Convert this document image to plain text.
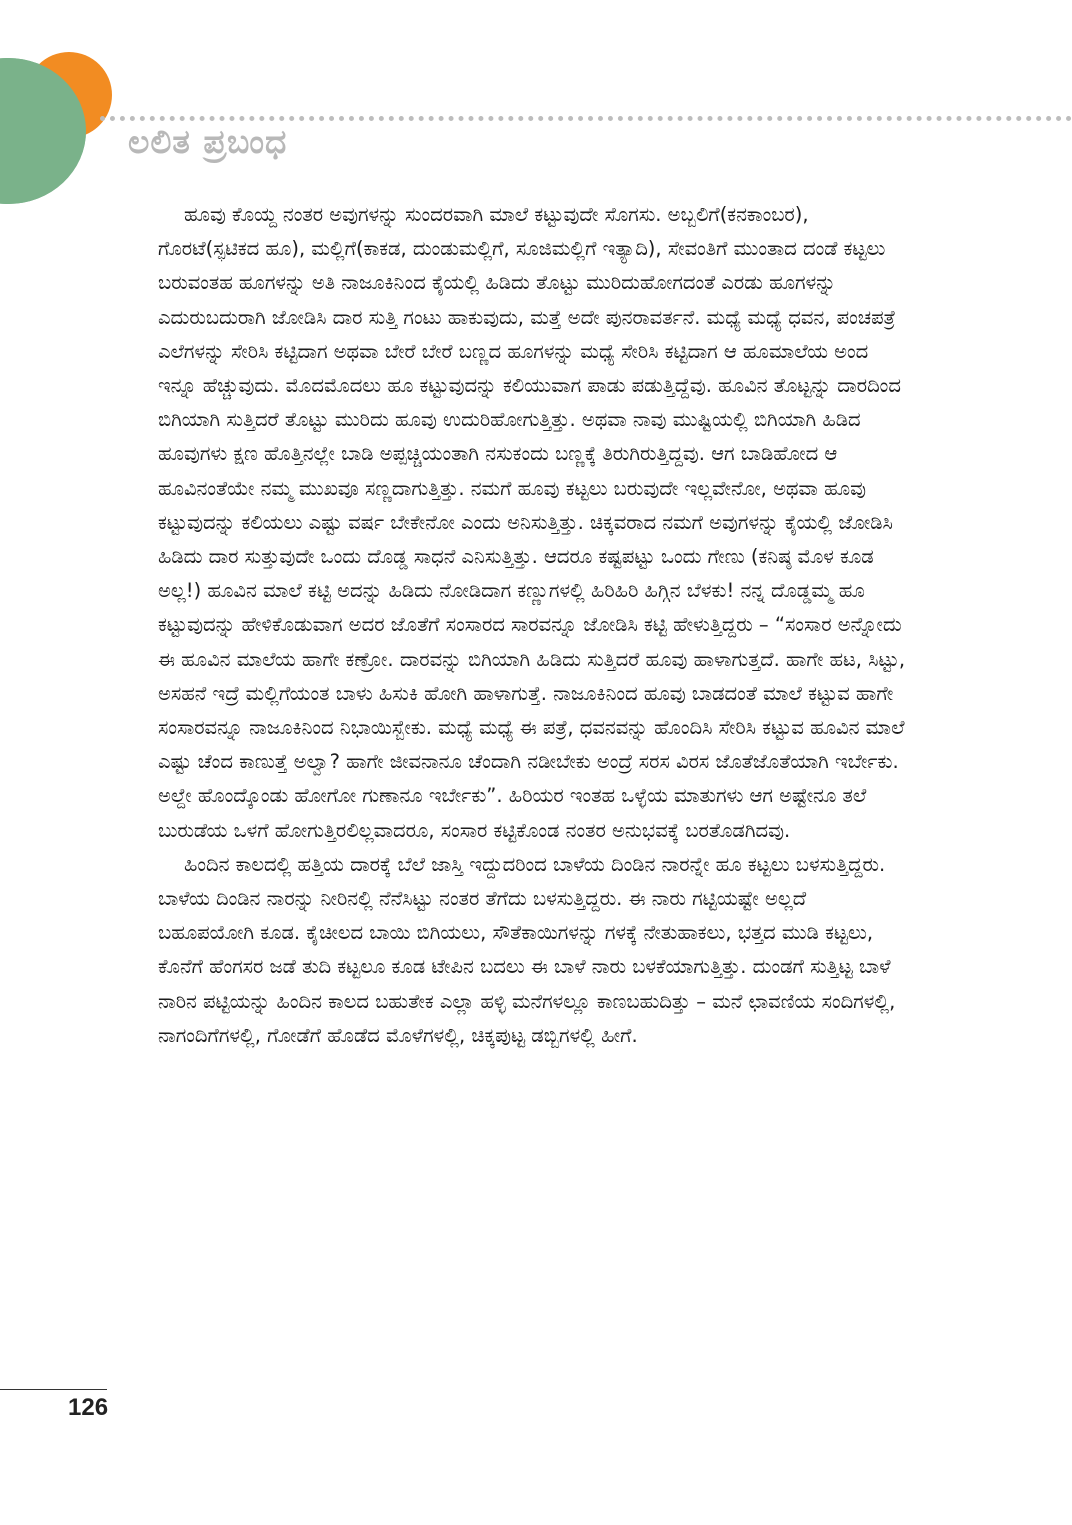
ಲಲಿತ ಪ್ರಬಂಧ

ಹೂವು ಕೊಯ್ದ ನಂತರ ಅವುಗಳನ್ನು ಸುಂದರವಾಗಿ ಮಾಲೆ ಕಟ್ಟುವುದೇ ಸೊಗಸು. ಅಬ್ಬಲಿಗೆ(ಕನಕಾಂಬರ), ಗೊರಟೆ(ಸ್ಫಟಿಕದ ಹೂ), ಮಲ್ಲಿಗೆ(ಕಾಕಡ, ದುಂಡುಮಲ್ಲಿಗೆ, ಸೂಜಿಮಲ್ಲಿಗೆ ಇತ್ಯಾದಿ), ಸೇವಂತಿಗೆ ಮುಂತಾದ ದಂಡೆ ಕಟ್ಟಲು ಬರುವಂತಹ ಹೂಗಳನ್ನು ಅತಿ ನಾಜೂಕಿನಿಂದ ಕೈಯಲ್ಲಿ ಹಿಡಿದು ತೊಟ್ಟು ಮುರಿದುಹೋಗದಂತೆ ಎರಡು ಹೂಗಳನ್ನು ಎದುರುಬದುರಾಗಿ ಜೋಡಿಸಿ ದಾರ ಸುತ್ತಿ ಗಂಟು ಹಾಕುವುದು, ಮತ್ತೆ ಅದೇ ಪುನರಾವರ್ತನೆ. ಮಧ್ಯೆ ಮಧ್ಯೆ ಧವನ, ಪಂಚಪತ್ರೆ ಎಲೆಗಳನ್ನು ಸೇರಿಸಿ ಕಟ್ಟಿದಾಗ ಅಥವಾ ಬೇರೆ ಬೇರೆ ಬಣ್ಣದ ಹೂಗಳನ್ನು ಮಧ್ಯೆ ಸೇರಿಸಿ ಕಟ್ಟಿದಾಗ ಆ ಹೂಮಾಲೆಯ ಅಂದ ಇನ್ನೂ ಹೆಚ್ಚುವುದು. ಮೊದಮೊದಲು ಹೂ ಕಟ್ಟುವುದನ್ನು ಕಲಿಯುವಾಗ ಪಾಡು ಪಡುತ್ತಿದ್ದೆವು. ಹೂವಿನ ತೊಟ್ಟನ್ನು ದಾರದಿಂದ ಬಿಗಿಯಾಗಿ ಸುತ್ತಿದರೆ ತೊಟ್ಟು ಮುರಿದು ಹೂವು ಉದುರಿಹೋಗುತ್ತಿತ್ತು. ಅಥವಾ ನಾವು ಮುಷ್ಟಿಯಲ್ಲಿ ಬಿಗಿಯಾಗಿ ಹಿಡಿದ ಹೂವುಗಳು ಕ್ಷಣ ಹೊತ್ತಿನಲ್ಲೇ ಬಾಡಿ ಅಪ್ಪಚ್ಚಿಯಂತಾಗಿ ನಸುಕಂದು ಬಣ್ಣಕ್ಕೆ ತಿರುಗಿರುತ್ತಿದ್ದವು. ಆಗ ಬಾಡಿಹೋದ ಆ ಹೂವಿನಂತೆಯೇ ನಮ್ಮ ಮುಖವೂ ಸಣ್ಣದಾಗುತ್ತಿತ್ತು. ನಮಗೆ ಹೂವು ಕಟ್ಟಲು ಬರುವುದೇ ಇಲ್ಲವೇನೋ, ಅಥವಾ ಹೂವು ಕಟ್ಟುವುದನ್ನು ಕಲಿಯಲು ಎಷ್ಟು ವರ್ಷ ಬೇಕೇನೋ ಎಂದು ಅನಿಸುತ್ತಿತ್ತು. ಚಿಕ್ಕವರಾದ ನಮಗೆ ಅವುಗಳನ್ನು ಕೈಯಲ್ಲಿ ಜೋಡಿಸಿ ಹಿಡಿದು ದಾರ ಸುತ್ತುವುದೇ ಒಂದು ದೊಡ್ಡ ಸಾಧನೆ ಎನಿಸುತ್ತಿತ್ತು. ಆದರೂ ಕಷ್ಟಪಟ್ಟು ಒಂದು ಗೇಣು (ಕನಿಷ್ಠ ಮೊಳ ಕೂಡ ಅಲ್ಲ!) ಹೂವಿನ ಮಾಲೆ ಕಟ್ಟಿ ಅದನ್ನು ಹಿಡಿದು ನೋಡಿದಾಗ ಕಣ್ಣುಗಳಲ್ಲಿ ಹಿರಿಹಿರಿ ಹಿಗ್ಗಿನ ಬೆಳಕು! ನನ್ನ ದೊಡ್ಡಮ್ಮ ಹೂ ಕಟ್ಟುವುದನ್ನು ಹೇಳಿಕೊಡುವಾಗ ಅದರ ಜೊತೆಗೆ ಸಂಸಾರದ ಸಾರವನ್ನೂ ಜೋಡಿಸಿ ಕಟ್ಟಿ ಹೇಳುತ್ತಿದ್ದರು – “ಸಂಸಾರ ಅನ್ನೋದು ಈ ಹೂವಿನ ಮಾಲೆಯ ಹಾಗೇ ಕಣ್ರೋ. ದಾರವನ್ನು ಬಿಗಿಯಾಗಿ ಹಿಡಿದು ಸುತ್ತಿದರೆ ಹೂವು ಹಾಳಾಗುತ್ತದೆ. ಹಾಗೇ ಹಟ, ಸಿಟ್ಟು, ಅಸಹನೆ ಇದ್ರೆ ಮಲ್ಲಿಗೆಯಂತ ಬಾಳು ಹಿಸುಕಿ ಹೋಗಿ ಹಾಳಾಗುತ್ತೆ. ನಾಜೂಕಿನಿಂದ ಹೂವು ಬಾಡದಂತೆ ಮಾಲೆ ಕಟ್ಟುವ ಹಾಗೇ ಸಂಸಾರವನ್ನೂ ನಾಜೂಕಿನಿಂದ ನಿಭಾಯಿಸ್ಬೇಕು. ಮಧ್ಯೆ ಮಧ್ಯೆ ಈ ಪತ್ರೆ, ಧವನವನ್ನು ಹೊಂದಿಸಿ ಸೇರಿಸಿ ಕಟ್ಟುವ ಹೂವಿನ ಮಾಲೆ ಎಷ್ಟು ಚೆಂದ ಕಾಣುತ್ತೆ ಅಲ್ವಾ? ಹಾಗೇ ಜೀವನಾನೂ ಚೆಂದಾಗಿ ನಡೀಬೇಕು ಅಂದ್ರೆ ಸರಸ ವಿರಸ ಜೊತೆಜೊತೆಯಾಗಿ ಇರ್ಬೇಕು. ಅಲ್ದೇ ಹೊಂದ್ಕೊಂಡು ಹೋಗೋ ಗುಣಾನೂ ಇರ್ಬೇಕು”. ಹಿರಿಯರ ಇಂತಹ ಒಳ್ಳೆಯ ಮಾತುಗಳು ಆಗ ಅಷ್ಟೇನೂ ತಲೆ ಬುರುಡೆಯ ಒಳಗೆ ಹೋಗುತ್ತಿರಲಿಲ್ಲವಾದರೂ, ಸಂಸಾರ ಕಟ್ಟಿಕೊಂಡ ನಂತರ ಅನುಭವಕ್ಕೆ ಬರತೊಡಗಿದವು.

ಹಿಂದಿನ ಕಾಲದಲ್ಲಿ ಹತ್ತಿಯ ದಾರಕ್ಕೆ ಬೆಲೆ ಜಾಸ್ತಿ ಇದ್ದುದರಿಂದ ಬಾಳೆಯ ದಿಂಡಿನ ನಾರನ್ನೇ ಹೂ ಕಟ್ಟಲು ಬಳಸುತ್ತಿದ್ದರು. ಬಾಳೆಯ ದಿಂಡಿನ ನಾರನ್ನು ನೀರಿನಲ್ಲಿ ನೆನೆಸಿಟ್ಟು ನಂತರ ತೆಗೆದು ಬಳಸುತ್ತಿದ್ದರು. ಈ ನಾರು ಗಟ್ಟಿಯಷ್ಟೇ ಅಲ್ಲದೆ ಬಹೂಪಯೋಗಿ ಕೂಡ. ಕೈಚೀಲದ ಬಾಯಿ ಬಿಗಿಯಲು, ಸೌತೆಕಾಯಿಗಳನ್ನು ಗಳಕ್ಕೆ ನೇತುಹಾಕಲು, ಭತ್ತದ ಮುಡಿ ಕಟ್ಟಲು, ಕೊನೆಗೆ ಹೆಂಗಸರ ಜಡೆ ತುದಿ ಕಟ್ಟಲೂ ಕೂಡ ಟೇಪಿನ ಬದಲು ಈ ಬಾಳೆ ನಾರು ಬಳಕೆಯಾಗುತ್ತಿತ್ತು. ದುಂಡಗೆ ಸುತ್ತಿಟ್ಟ ಬಾಳೆ ನಾರಿನ ಪಟ್ಟಿಯನ್ನು ಹಿಂದಿನ ಕಾಲದ ಬಹುತೇಕ ಎಲ್ಲಾ ಹಳ್ಳಿ ಮನೆಗಳಲ್ಲೂ ಕಾಣಬಹುದಿತ್ತು – ಮನೆ ಛಾವಣಿಯ ಸಂದಿಗಳಲ್ಲಿ, ನಾಗಂದಿಗೆಗಳಲ್ಲಿ, ಗೋಡೆಗೆ ಹೊಡೆದ ಮೊಳೆಗಳಲ್ಲಿ, ಚಿಕ್ಕಪುಟ್ಟ ಡಬ್ಬಿಗಳಲ್ಲಿ ಹೀಗೆ.

126
